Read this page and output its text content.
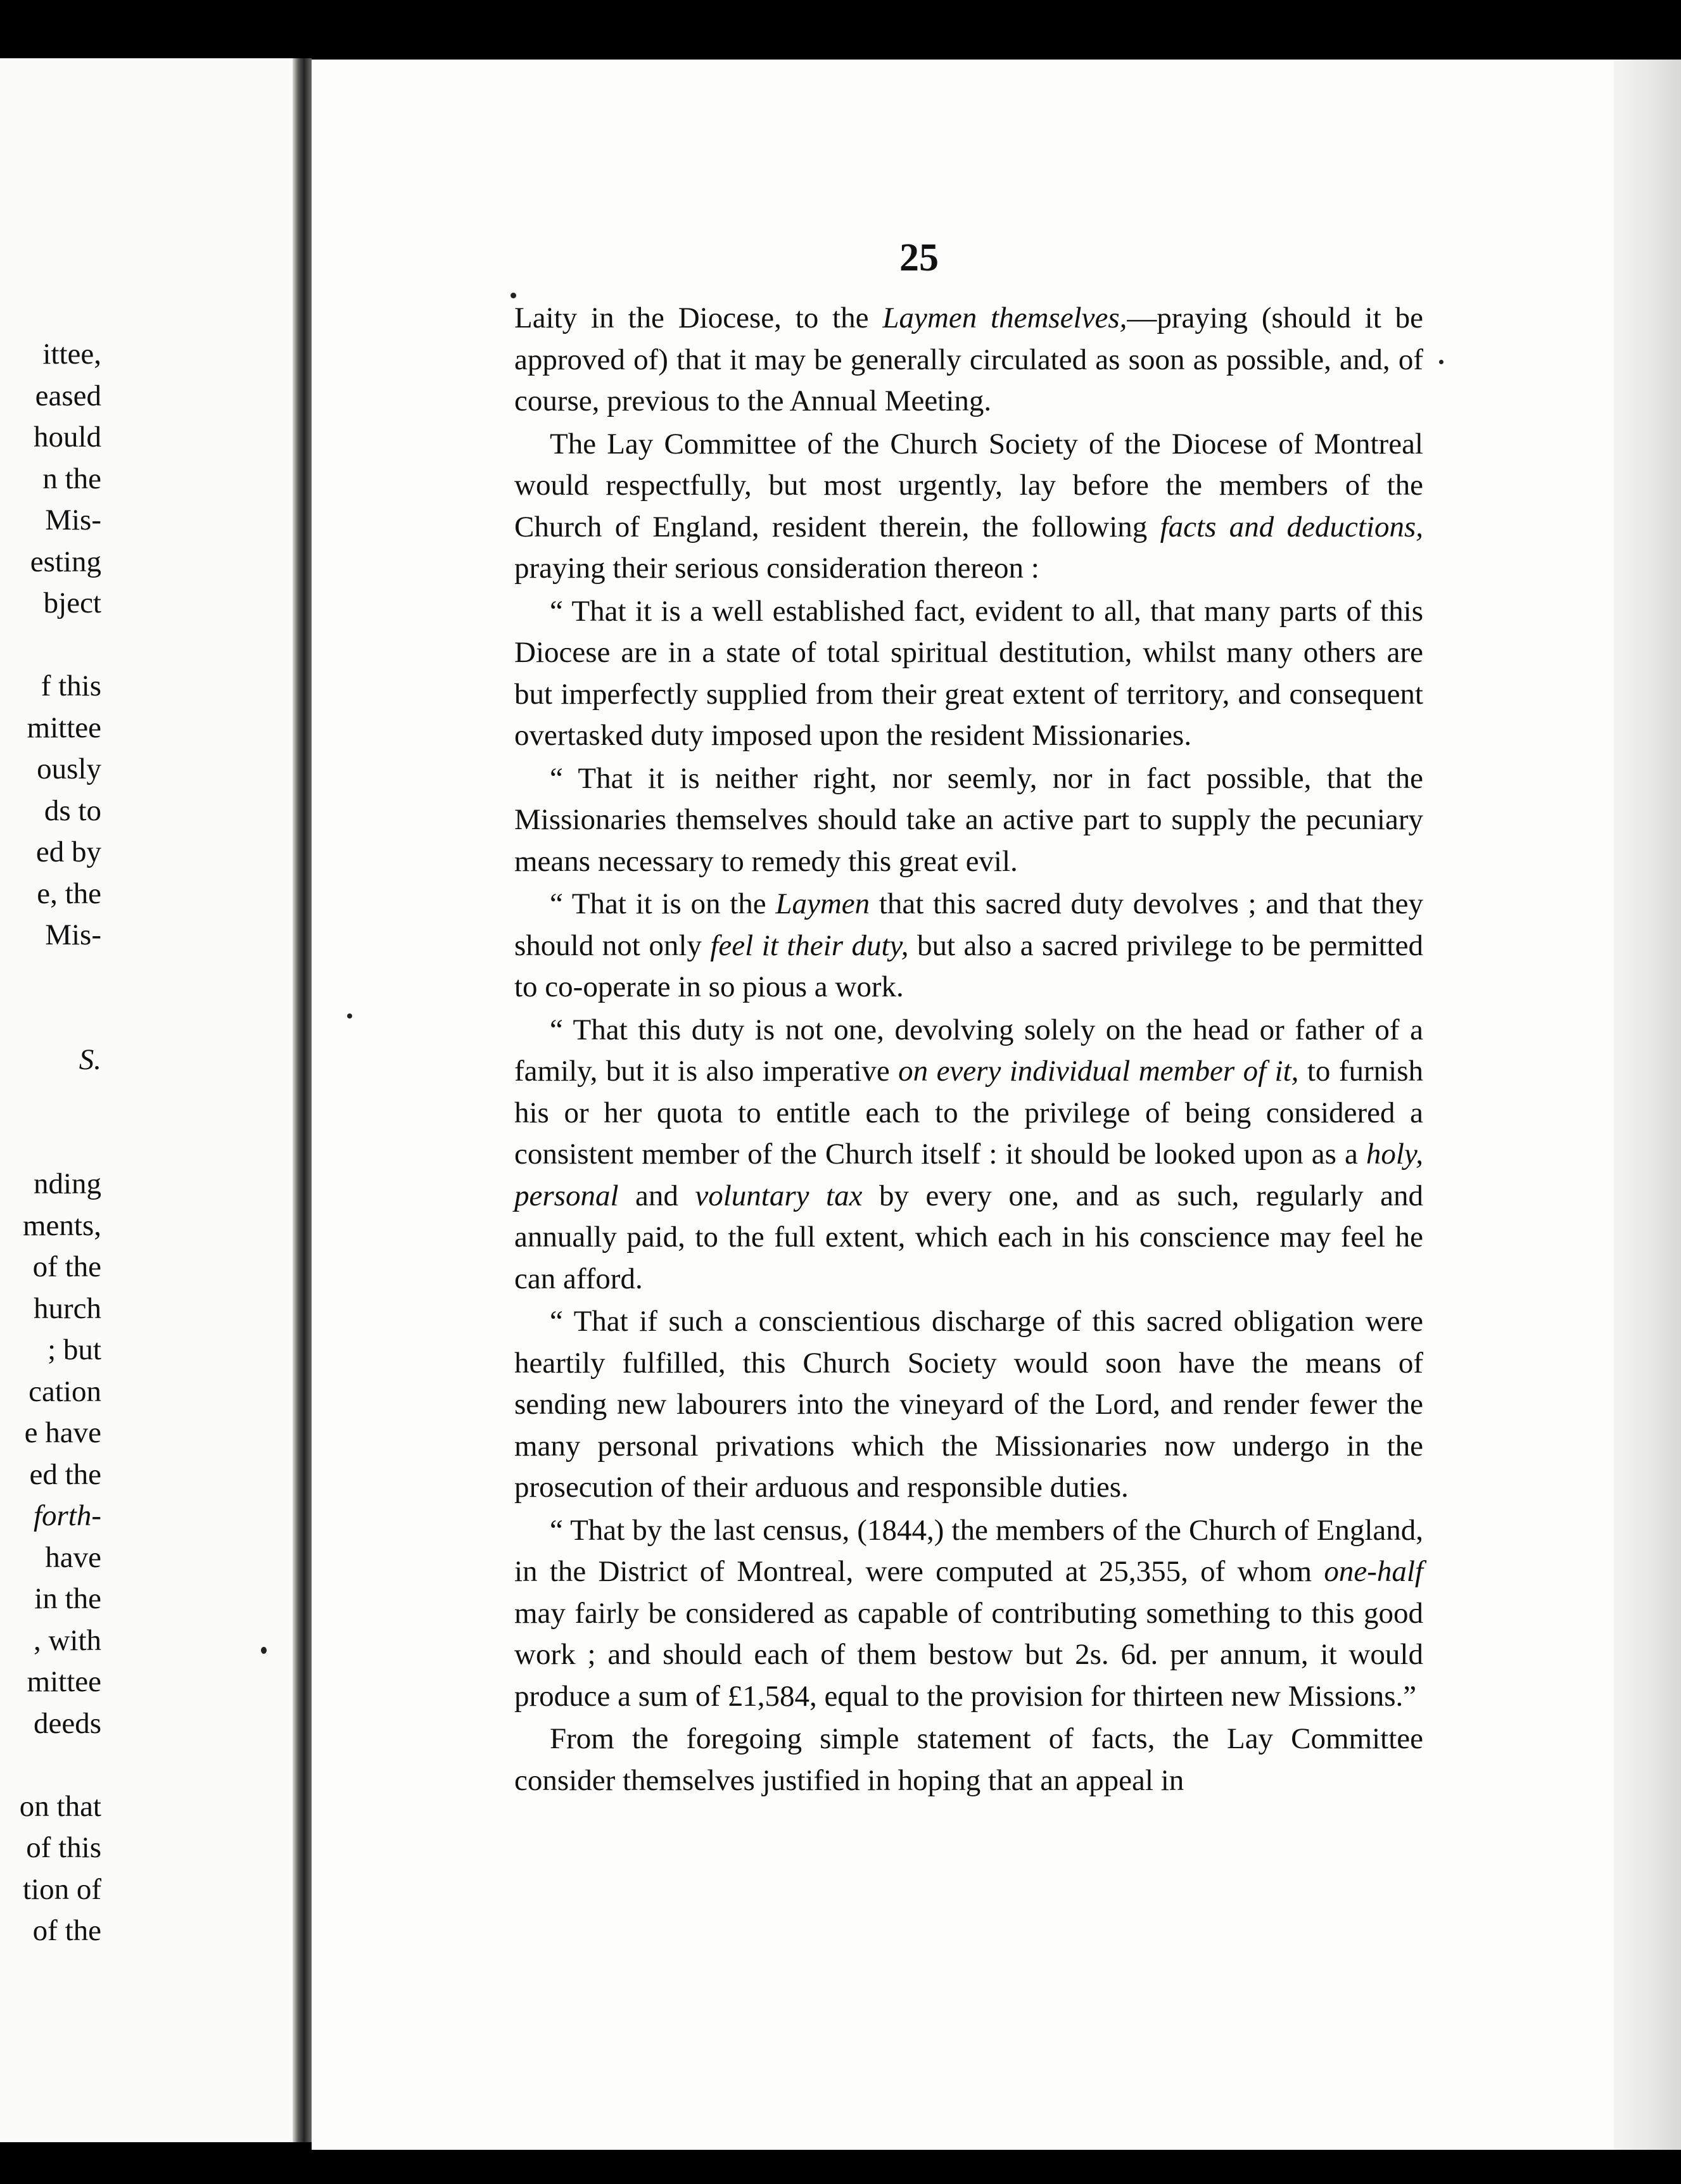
ittee,
eased
hould
n the
Mis-
esting
bject
f this
mittee
ously
ds to
ed by
e, the
Mis-
S.
nding
ments,
of the
hurch
; but
cation
e have
ed the
forth-
have
in the
, with
mittee
deeds
on that
of this
tion of
of the
25

Laity in the Diocese, to the Laymen themselves,—praying (should it be approved of) that it may be generally circulated as soon as possible, and, of course, previous to the Annual Meeting.

The Lay Committee of the Church Society of the Diocese of Montreal would respectfully, but most urgently, lay before the members of the Church of England, resident therein, the following facts and deductions, praying their serious consideration thereon :

“ That it is a well established fact, evident to all, that many parts of this Diocese are in a state of total spiritual destitution, whilst many others are but imperfectly supplied from their great extent of territory, and consequent overtasked duty imposed upon the resident Missionaries.

“ That it is neither right, nor seemly, nor in fact possible, that the Missionaries themselves should take an active part to supply the pecuniary means necessary to remedy this great evil.

“ That it is on the Laymen that this sacred duty devolves ; and that they should not only feel it their duty, but also a sacred privilege to be permitted to co-operate in so pious a work.

“ That this duty is not one, devolving solely on the head or father of a family, but it is also imperative on every individual member of it, to furnish his or her quota to entitle each to the privilege of being considered a consistent member of the Church itself : it should be looked upon as a holy, personal and voluntary tax by every one, and as such, regularly and annually paid, to the full extent, which each in his conscience may feel he can afford.

“ That if such a conscientious discharge of this sacred obligation were heartily fulfilled, this Church Society would soon have the means of sending new labourers into the vineyard of the Lord, and render fewer the many personal privations which the Missionaries now undergo in the prosecution of their arduous and responsible duties.

“ That by the last census, (1844,) the members of the Church of England, in the District of Montreal, were computed at 25,355, of whom one-half may fairly be considered as capable of contributing something to this good work ; and should each of them bestow but 2s. 6d. per annum, it would produce a sum of £1,584, equal to the provision for thirteen new Missions.”

From the foregoing simple statement of facts, the Lay Committee consider themselves justified in hoping that an appeal in
